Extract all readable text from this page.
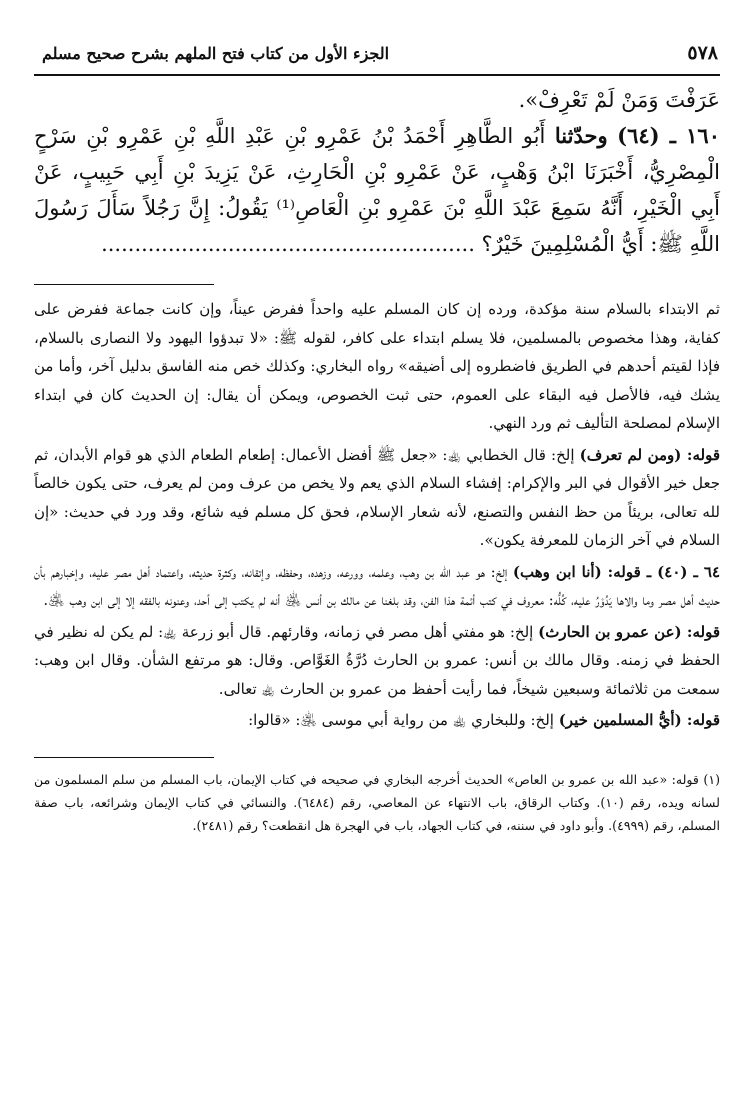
٥٧٨
الجزء الأول من كتاب فتح الملهم بشرح صحيح مسلم

عَرَفْتَ وَمَنْ لَمْ تَعْرِفْ».

١٦٠ ـ (٦٤) وحدّثنا أَبُو الطَّاهِرِ أَحْمَدُ بْنُ عَمْرِو بْنِ عَبْدِ اللَّهِ بْنِ عَمْرِو بْنِ سَرْحٍ الْمِصْرِيُّ، أَخْبَرَنَا ابْنُ وَهْبٍ، عَنْ عَمْرِو بْنِ الْحَارِثِ، عَنْ يَزِيدَ بْنِ أَبِي حَبِيبٍ، عَنْ أَبِي الْخَيْرِ، أَنَّهُ سَمِعَ عَبْدَ اللَّهِ بْنَ عَمْرِو بْنِ الْعَاصِ⁽¹⁾ يَقُولُ: إِنَّ رَجُلاً سَأَلَ رَسُولَ اللَّهِ ﷺ: أَيُّ الْمُسْلِمِينَ خَيْرٌ؟ ........................................................

ثم الابتداء بالسلام سنة مؤكدة، ورده إن كان المسلم عليه واحداً ففرض عيناً، وإن كانت جماعة ففرض على كفاية، وهذا مخصوص بالمسلمين، فلا يسلم ابتداء على كافر، لقوله ﷺ: «لا تبدؤوا اليهود ولا النصارى بالسلام، فإذا لقيتم أحدهم في الطريق فاضطروه إلى أضيقه» رواه البخاري: وكذلك خص منه الفاسق بدليل آخر، وأما من يشك فيه، فالأصل فيه البقاء على العموم، حتى ثبت الخصوص، ويمكن أن يقال: إن الحديث كان في ابتداء الإسلام لمصلحة التأليف ثم ورد النهي.

قوله: (ومن لم تعرف) إلخ: قال الخطابي ﵀: «جعل ﷺ أفضل الأعمال: إطعام الطعام الذي هو قوام الأبدان، ثم جعل خير الأقوال في البر والإكرام: إفشاء السلام الذي يعم ولا يخص من عرف ومن لم يعرف، حتى يكون خالصاً لله تعالى، بريئاً من حظ النفس والتصنع، لأنه شعار الإسلام، فحق كل مسلم فيه شائع، وقد ورد في حديث: «إن السلام في آخر الزمان للمعرفة يكون».

٦٤ ـ (٤٠) ـ قوله: (أنا ابن وهب) إلخ: هو عبد الله بن وهب، وعلمه، وورعه، وزهده، وحفظه، وإتقانه، وكثرة حديثه، واعتماد أهل مصر عليه، وإخبارهم بأن حديث أهل مصر وما والاها يَدُوْرُ عليه، كُلُّه: معروف في كتب أئمة هذا الفن، وقد بلغنا عن مالك بن أنس ﵁ أنه لم يكتب إلى أحد، وعنونه بالفقه إلا إلى ابن وهب ﵁.

قوله: (عن عمرو بن الحارث) إلخ: هو مفتي أهل مصر في زمانه، وقارئهم. قال أبو زرعة ﵀: لم يكن له نظير في الحفظ في زمنه. وقال مالك بن أنس: عمرو بن الحارث دُرَّةُ الغَوَّاص. وقال: هو مرتفع الشأن. وقال ابن وهب: سمعت من ثلاثمائة وسبعين شيخاً، فما رأيت أحفظ من عمرو بن الحارث ﵀ تعالى.

قوله: (أيُّ المسلمين خير) إلخ: وللبخاري ﵀ من رواية أبي موسى ﵁: «قالوا:

(١) قوله: «عبد الله بن عمرو بن العاص» الحديث أخرجه البخاري في صحيحه في كتاب الإيمان، باب المسلم من سلم المسلمون من لسانه ويده، رقم (١٠). وكتاب الرقاق، باب الانتهاء عن المعاصي، رقم (٦٤٨٤). والنسائي في كتاب الإيمان وشرائعه، باب صفة المسلم، رقم (٤٩٩٩). وأبو داود في سننه، في كتاب الجهاد، باب في الهجرة هل انقطعت؟ رقم (٢٤٨١).
